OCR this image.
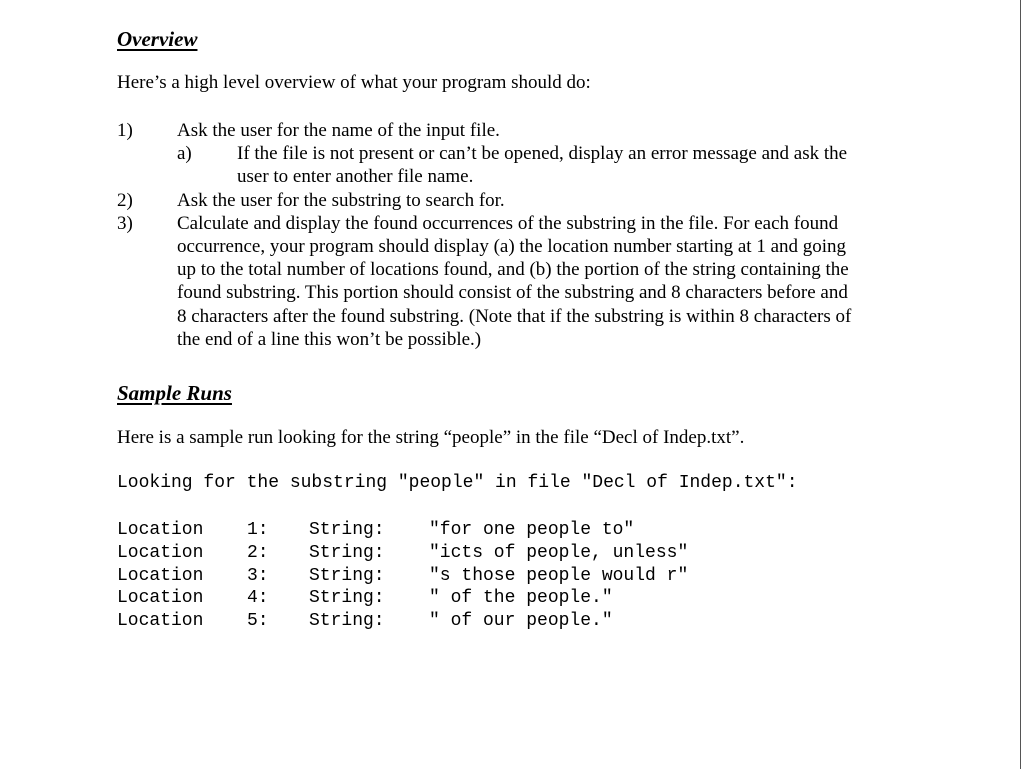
Overview

Here’s a high level overview of what your program should do:

1) Ask the user for the name of the input file.
a) If the file is not present or can’t be opened, display an error message and ask the
user to enter another file name.
2) Ask the user for the substring to search for.
3) Calculate and display the found occurrences of the substring in the file. For each found
occurrence, your program should display (a) the location number starting at 1 and going
up to the total number of locations found, and (b) the portion of the string containing the
found substring. This portion should consist of the substring and 8 characters before and
8 characters after the found substring. (Note that if the substring is within 8 characters of
the end of a line this won’t be possible.)
Sample Runs

Here is a sample run looking for the string “people” in the file “Decl of Indep.txt”.

Looking for the substring "people" in file "Decl of Indep.txt":

Location

1:

String:

"for one people to"

Location

2:

String:

"icts of people, unless"

Location

3:

String:

"s those people would r"

Location

4:

String:

" of the people."

Location

5:

String:

" of our people."
